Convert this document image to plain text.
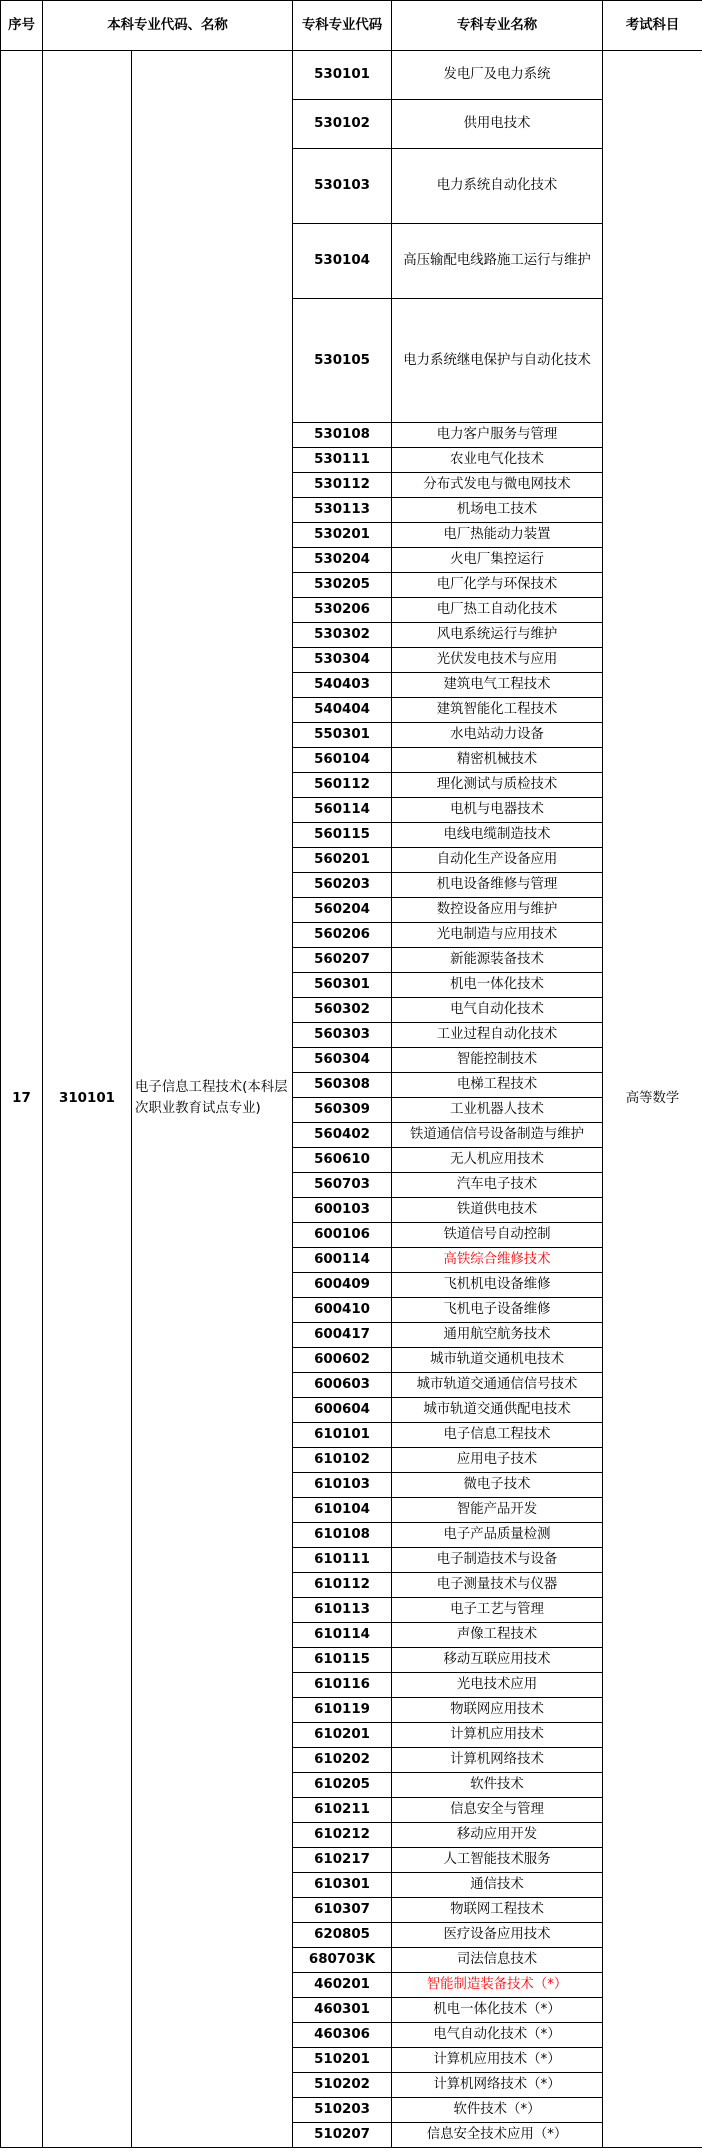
序号	本科专业代码、名称		专科专业代码	专科专业名称	考试科目
17	310101	电子信息工程技术(本科层次职业教育试点专业)	530101	发电厂及电力系统	高等数学
			530102	供用电技术	
			530103	电力系统自动化技术	
			530104	高压输配电线路施工运行与维护	
			530105	电力系统继电保护与自动化技术	
			530108	电力客户服务与管理	
			530111	农业电气化技术	
			530112	分布式发电与微电网技术	
			530113	机场电工技术	
			530201	电厂热能动力装置	
			530204	火电厂集控运行	
			530205	电厂化学与环保技术	
			530206	电厂热工自动化技术	
			530302	风电系统运行与维护	
			530304	光伏发电技术与应用	
			540403	建筑电气工程技术	
			540404	建筑智能化工程技术	
			550301	水电站动力设备	
			560104	精密机械技术	
			560112	理化测试与质检技术	
			560114	电机与电器技术	
			560115	电线电缆制造技术	
			560201	自动化生产设备应用	
			560203	机电设备维修与管理	
			560204	数控设备应用与维护	
			560206	光电制造与应用技术	
			560207	新能源装备技术	
			560301	机电一体化技术	
			560302	电气自动化技术	
			560303	工业过程自动化技术	
			560304	智能控制技术	
			560308	电梯工程技术	
			560309	工业机器人技术	
			560402	铁道通信信号设备制造与维护	
			560610	无人机应用技术	
			560703	汽车电子技术	
			600103	铁道供电技术	
			600106	铁道信号自动控制	
			600114	高铁综合维修技术	
			600409	飞机机电设备维修	
			600410	飞机电子设备维修	
			600417	通用航空航务技术	
			600602	城市轨道交通机电技术	
			600603	城市轨道交通通信信号技术	
			600604	城市轨道交通供配电技术	
			610101	电子信息工程技术	
			610102	应用电子技术	
			610103	微电子技术	
			610104	智能产品开发	
			610108	电子产品质量检测	
			610111	电子制造技术与设备	
			610112	电子测量技术与仪器	
			610113	电子工艺与管理	
			610114	声像工程技术	
			610115	移动互联应用技术	
			610116	光电技术应用	
			610119	物联网应用技术	
			610201	计算机应用技术	
			610202	计算机网络技术	
			610205	软件技术	
			610211	信息安全与管理	
			610212	移动应用开发	
			610217	人工智能技术服务	
			610301	通信技术	
			610307	物联网工程技术	
			620805	医疗设备应用技术	
			680703K	司法信息技术	
			460201	智能制造装备技术（*）	
			460301	机电一体化技术（*）	
			460306	电气自动化技术（*）	
			510201	计算机应用技术（*）	
			510202	计算机网络技术（*）	
			510203	软件技术（*）	
			510207	信息安全技术应用（*）	
